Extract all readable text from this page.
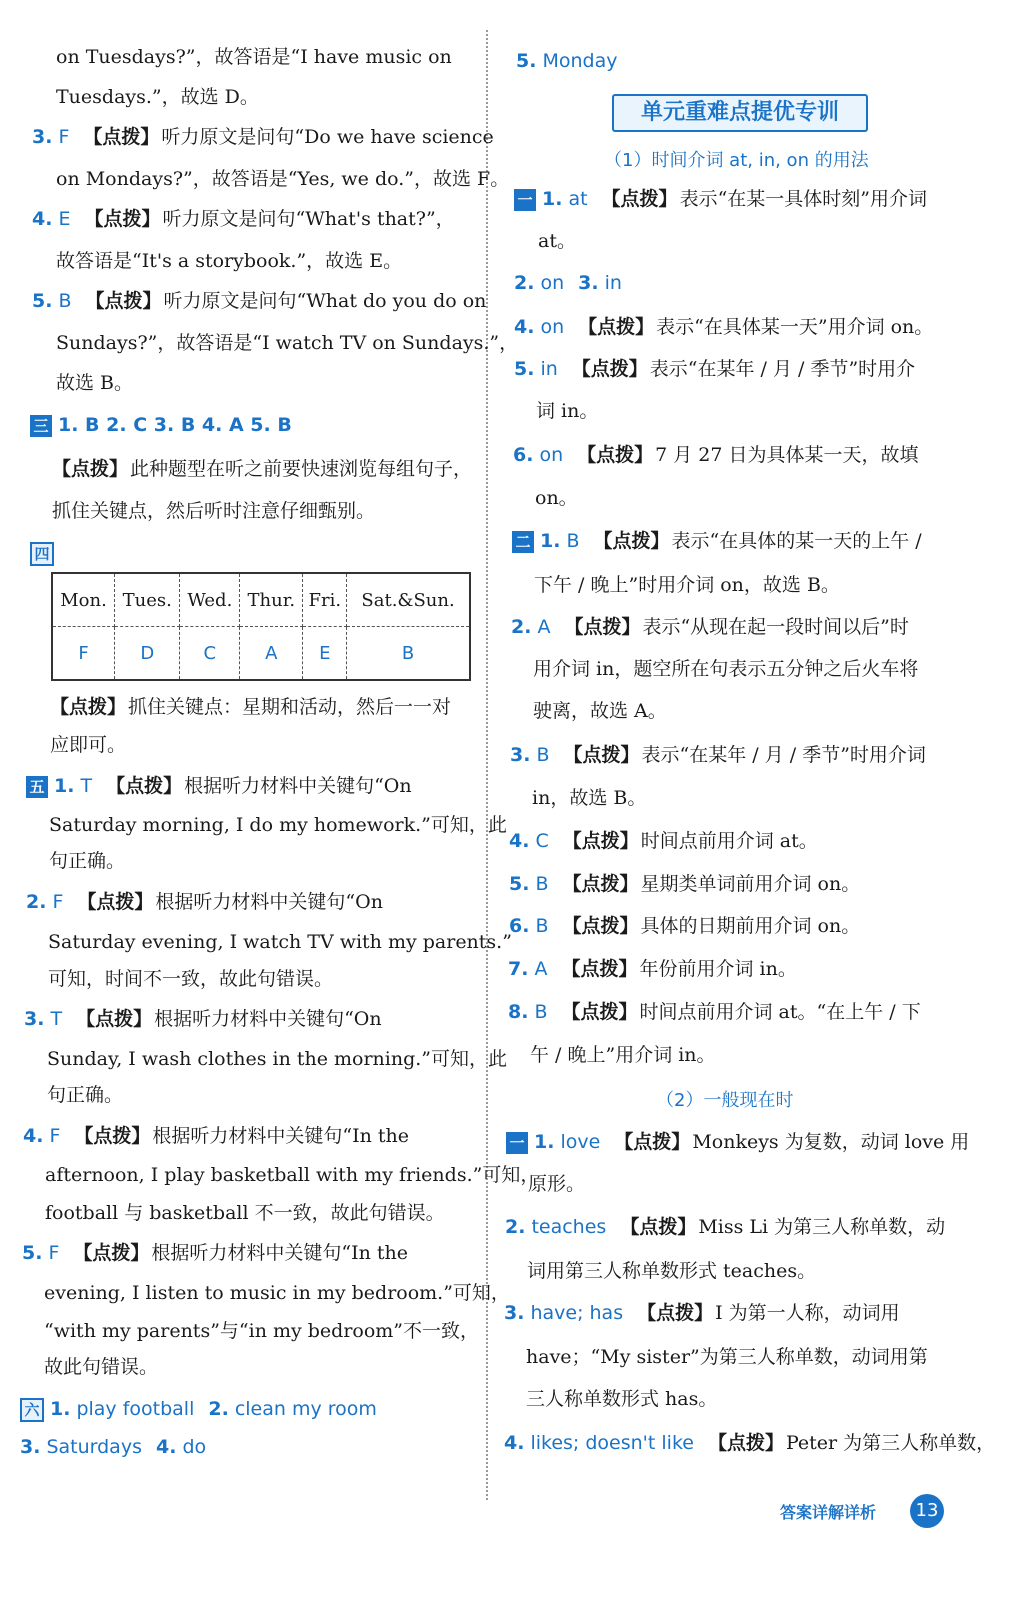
on Tuesdays?”，故答语是“I have music on
Tuesdays.”，故选 D。
3. F 【点拨】 听力原文是问句“Do we have science
on Mondays?”，故答语是“Yes, we do.”，故选 F。
4. E 【点拨】 听力原文是问句“What's that?”，
故答语是“It's a storybook.”，故选 E。
5. B 【点拨】 听力原文是问句“What do you do on
Sundays?”，故答语是“I watch TV on Sundays.”，
故选 B。
三 1. B 2. C 3. B 4. A 5. B
【点拨】 此种题型在听之前要快速浏览每组句子，
抓住关键点，然后听时注意仔细甄别。
四
Mon.	Tues.	Wed.	Thur.	Fri.	Sat.&Sun.
F	D	C	A	E	B
【点拨】 抓住关键点：星期和活动，然后一一对
应即可。
五 1. T 【点拨】 根据听力材料中关键句“On
Saturday morning, I do my homework.”可知，此
句正确。
2. F 【点拨】 根据听力材料中关键句“On
Saturday evening, I watch TV with my parents.”
可知，时间不一致，故此句错误。
3. T 【点拨】 根据听力材料中关键句“On
Sunday, I wash clothes in the morning.”可知，此
句正确。
4. F 【点拨】 根据听力材料中关键句“In the
afternoon, I play basketball with my friends.”可知，
football 与 basketball 不一致，故此句错误。
5. F 【点拨】 根据听力材料中关键句“In the
evening, I listen to music in my bedroom.”可知，
“with my parents”与“in my bedroom”不一致，
故此句错误。
六 1. play football 2. clean my room
3. Saturdays 4. do
5. Monday
单元重难点提优专训
（1）时间介词 at, in, on 的用法
一 1. at 【点拨】 表示“在某一具体时刻”用介词
at。
2. on 3. in
4. on 【点拨】 表示“在具体某一天”用介词 on。
5. in 【点拨】 表示“在某年 / 月 / 季节”时用介
词 in。
6. on 【点拨】 7 月 27 日为具体某一天，故填
on。
二 1. B 【点拨】 表示“在具体的某一天的上午 /
下午 / 晚上”时用介词 on，故选 B。
2. A 【点拨】 表示“从现在起一段时间以后”时
用介词 in，题空所在句表示五分钟之后火车将
驶离，故选 A。
3. B 【点拨】 表示“在某年 / 月 / 季节”时用介词
in，故选 B。
4. C 【点拨】 时间点前用介词 at。
5. B 【点拨】 星期类单词前用介词 on。
6. B 【点拨】 具体的日期前用介词 on。
7. A 【点拨】 年份前用介词 in。
8. B 【点拨】 时间点前用介词 at。“在上午 / 下
午 / 晚上”用介词 in。
（2）一般现在时
一 1. love 【点拨】 Monkeys 为复数，动词 love 用
原形。
2. teaches 【点拨】 Miss Li 为第三人称单数，动
词用第三人称单数形式 teaches。
3. have; has 【点拨】 I 为第一人称，动词用
have；“My sister”为第三人称单数，动词用第
三人称单数形式 has。
4. likes; doesn't like 【点拨】 Peter 为第三人称单数，
答案详解详析	13
